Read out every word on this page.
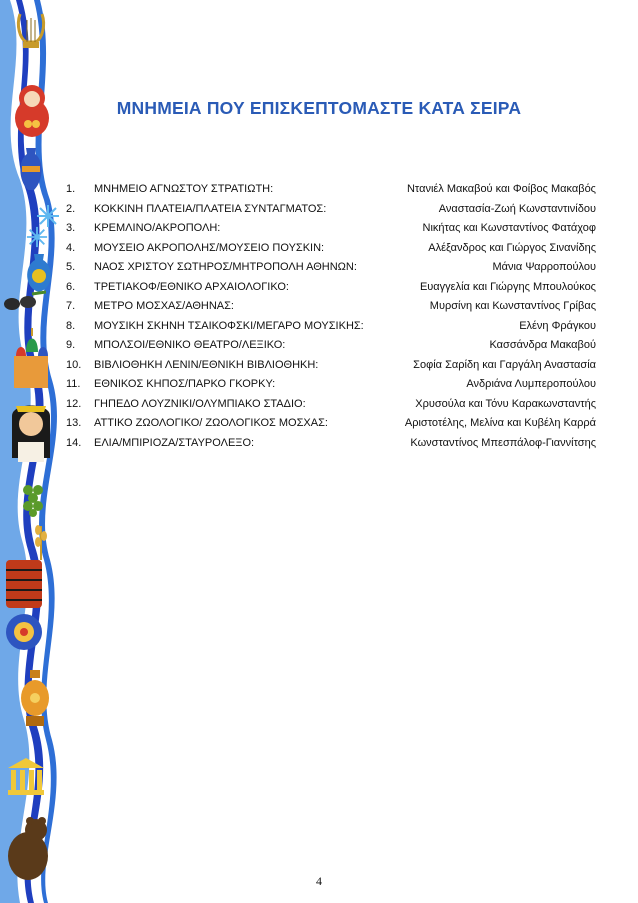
ΜΝΗΜΕΙΑ ΠΟΥ ΕΠΙΣΚΕΠΤΟΜΑΣΤΕ ΚΑΤΑ ΣΕΙΡΑ
1.	ΜΝΗΜΕΙΟ ΑΓΝΩΣΤΟΥ ΣΤΡΑΤΙΩΤΗ:	Ντανιέλ Μακαβού και Φοίβος Μακαβός
2.	ΚΟΚΚΙΝΗ ΠΛΑΤΕΙΑ/ΠΛΑΤΕΙΑ ΣΥΝΤΑΓΜΑΤΟΣ:	Αναστασία-Ζωή Κωνσταντινίδου
3.	ΚΡΕΜΛΙΝΟ/ΑΚΡΟΠΟΛΗ:	Νικήτας και Κωνσταντίνος Φατάχοφ
4.	ΜΟΥΣΕΙΟ ΑΚΡΟΠΟΛΗΣ/ΜΟΥΣΕΙΟ ΠΟΥΣΚΙΝ:	Αλέξανδρος και Γιώργος Σινανίδης
5.	ΝΑΟΣ ΧΡΙΣΤΟΥ ΣΩΤΗΡΟΣ/ΜΗΤΡΟΠΟΛΗ ΑΘΗΝΩΝ:	Μάνια Ψαρροπούλου
6.	ΤΡΕΤΙΑΚΟΦ/ΕΘΝΙΚΟ ΑΡΧΑΙΟΛΟΓΙΚΟ:	Ευαγγελία και Γιώργης Μπουλούκος
7.	ΜΕΤΡΟ ΜΟΣΧΑΣ/ΑΘΗΝΑΣ:	Μυρσίνη και Κωνσταντίνος Γρίβας
8.	ΜΟΥΣΙΚΗ ΣΚΗΝΗ ΤΣΑΙΚΟΦΣΚΙ/ΜΕΓΑΡΟ ΜΟΥΣΙΚΗΣ:	Ελένη Φράγκου
9.	ΜΠΟΛΣΟΙ/ΕΘΝΙΚΟ ΘΕΑΤΡΟ/ΛΕΞΙΚΟ:	Κασσάνδρα Μακαβού
10.	ΒΙΒΛΙΟΘΗΚΗ ΛΕΝΙΝ/ΕΘΝΙΚΗ ΒΙΒΛΙΟΘΗΚΗ:	Σοφία Σαρίδη και Γαργάλη Αναστασία
11.	ΕΘΝΙΚΟΣ ΚΗΠΟΣ/ΠΑΡΚΟ ΓΚΟΡΚΥ:	Ανδριάνα Λυμπεροπούλου
12.	ΓΗΠΕΔΟ ΛΟΥΖΝΙΚΙ/ΟΛΥΜΠΙΑΚΟ ΣΤΑΔΙΟ:	Χρυσούλα και Τόνυ Καρακωνσταντής
13.	ΑΤΤΙΚΟ ΖΩΟΛΟΓΙΚΟ/ ΖΩΟΛΟΓΙΚΟΣ ΜΟΣΧΑΣ:	Αριστοτέλης, Μελίνα και Κυβέλη Καρρά
14.	ΕΛΙΑ/ΜΠΙΡΙΟΖΑ/ΣΤΑΥΡΟΛΕΞΟ:	Κωνσταντίνος Μπεσπάλοφ-Γιαννίτσης
4
